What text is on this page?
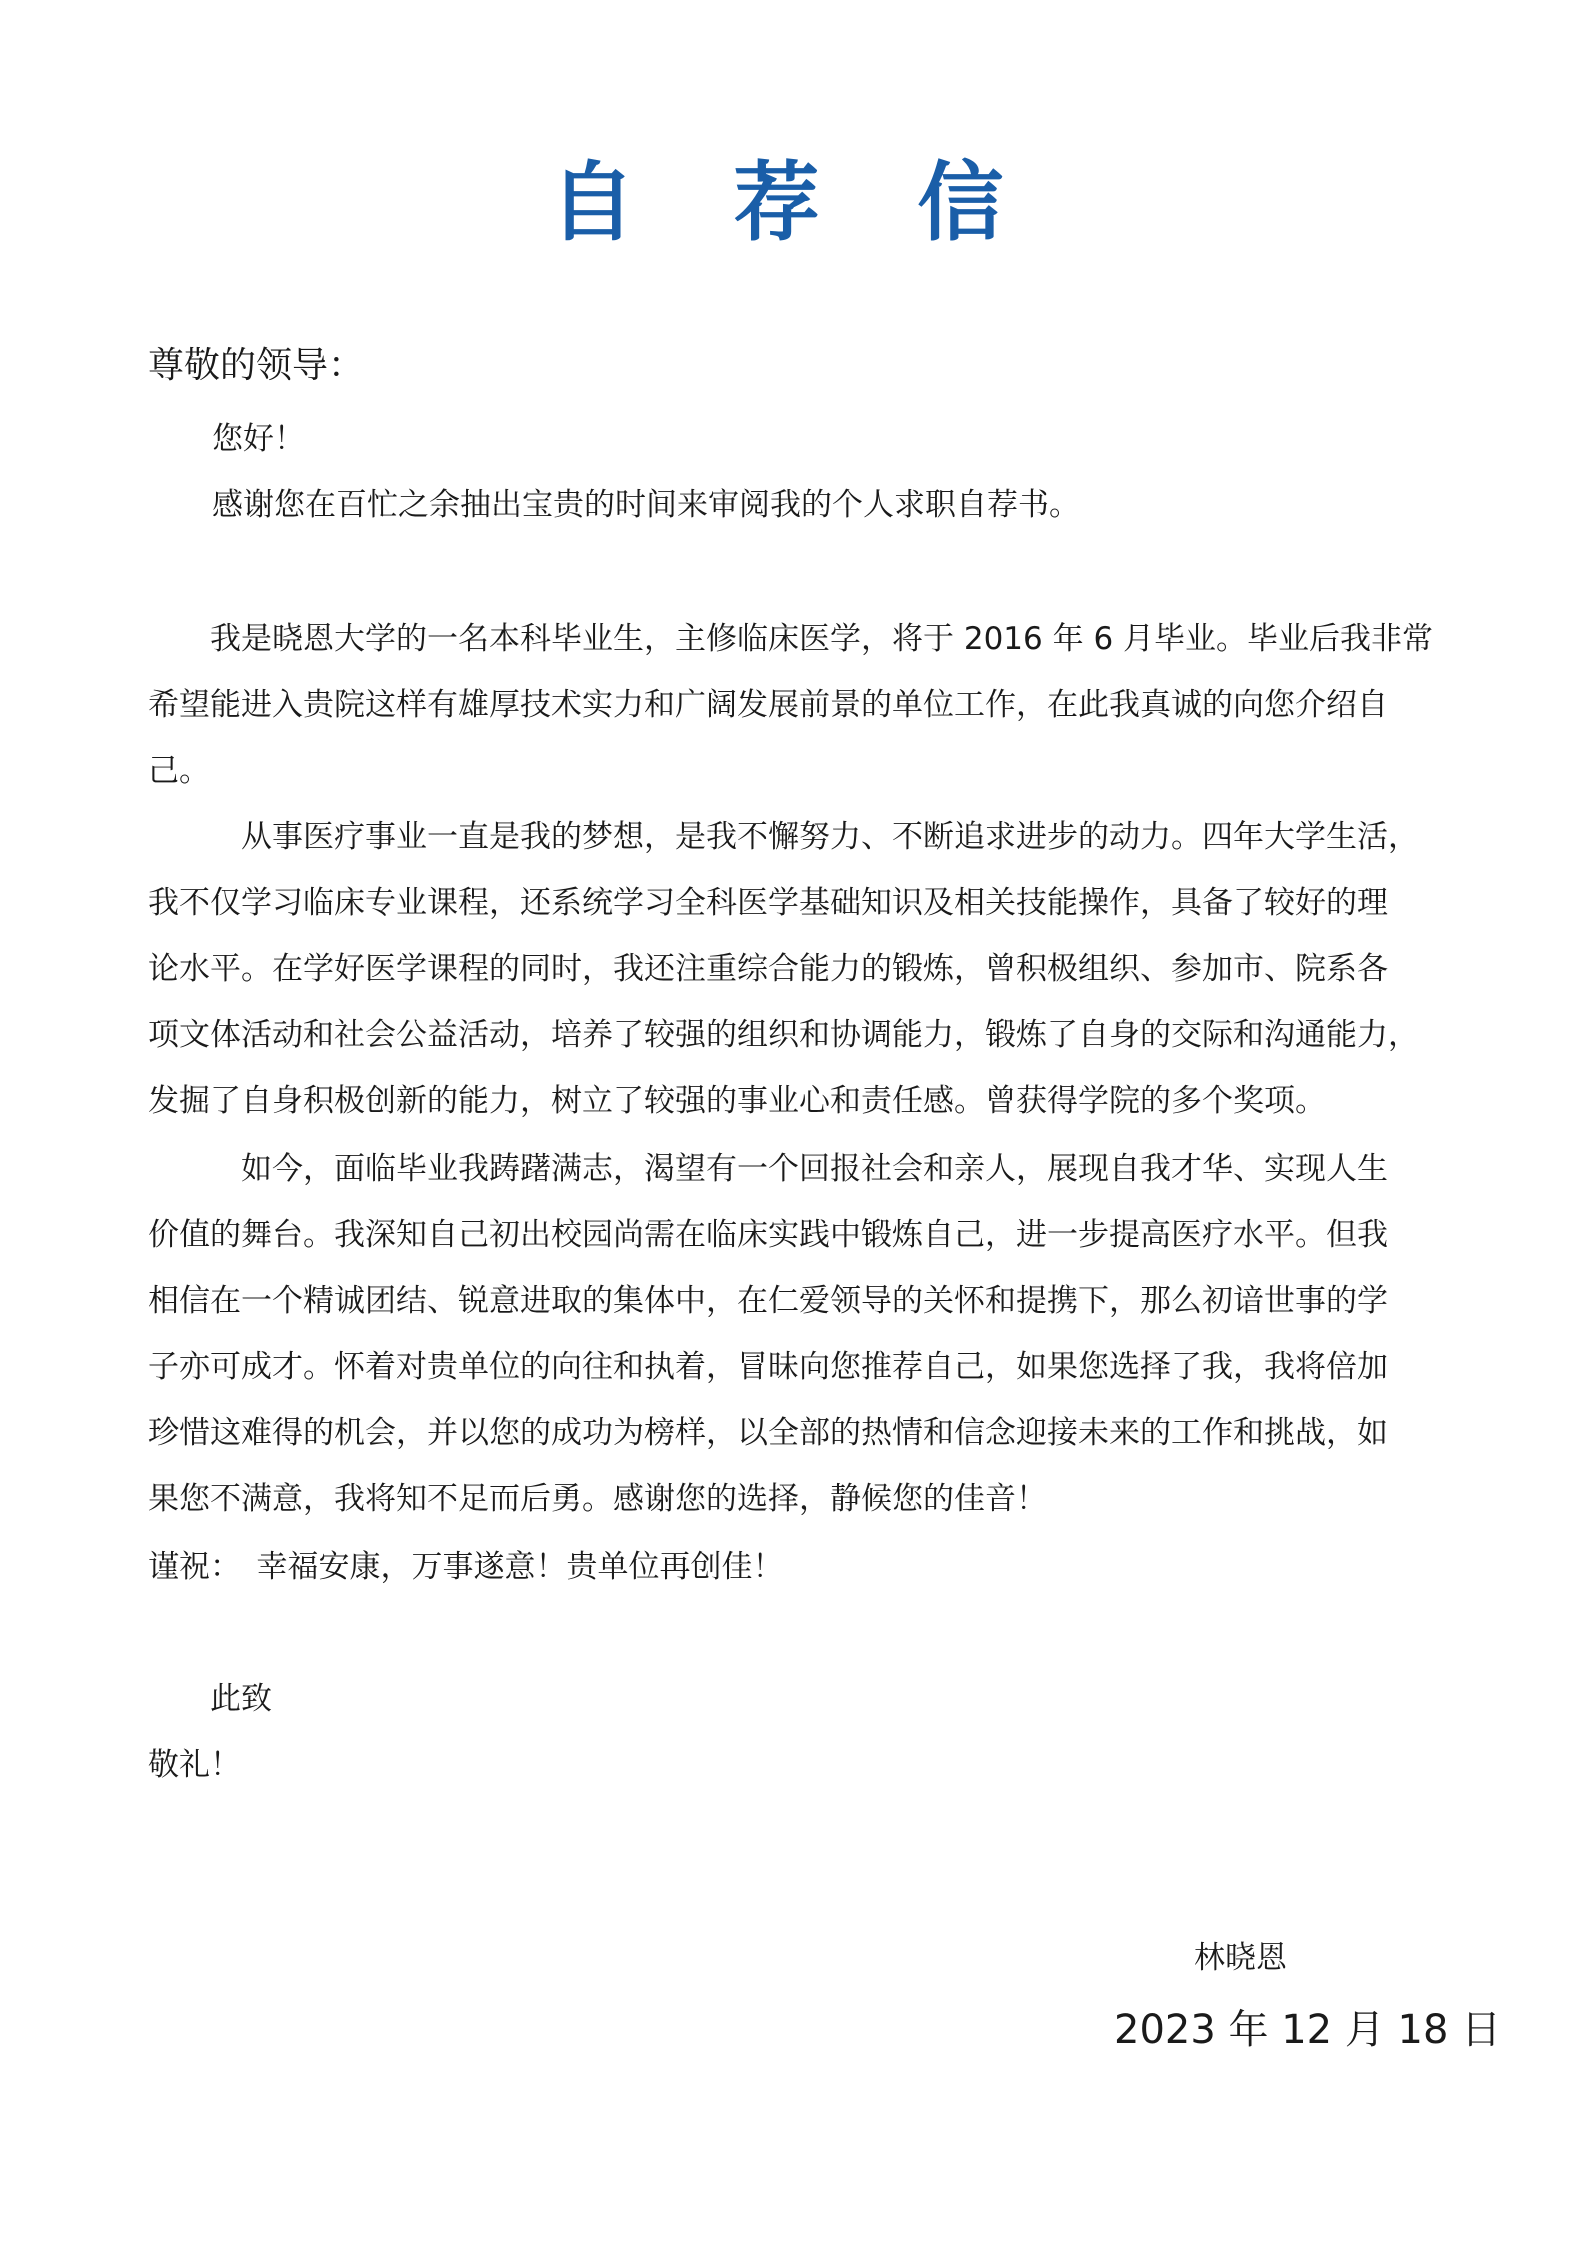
自 荐 信
尊敬的领导：
您好！
感谢您在百忙之余抽出宝贵的时间来审阅我的个人求职自荐书。
　　我是晓恩大学的一名本科毕业生，主修临床医学，将于 2016 年 6 月毕业。毕业后我非常
希望能进入贵院这样有雄厚技术实力和广阔发展前景的单位工作，在此我真诚的向您介绍自
己。
　　　从事医疗事业一直是我的梦想，是我不懈努力、不断追求进步的动力。四年大学生活，
我不仅学习临床专业课程，还系统学习全科医学基础知识及相关技能操作，具备了较好的理
论水平。在学好医学课程的同时，我还注重综合能力的锻炼，曾积极组织、参加市、院系各
项文体活动和社会公益活动，培养了较强的组织和协调能力，锻炼了自身的交际和沟通能力，
发掘了自身积极创新的能力，树立了较强的事业心和责任感。曾获得学院的多个奖项。
　　　如今，面临毕业我踌躇满志，渴望有一个回报社会和亲人，展现自我才华、实现人生
价值的舞台。我深知自己初出校园尚需在临床实践中锻炼自己，进一步提高医疗水平。但我
相信在一个精诚团结、锐意进取的集体中，在仁爱领导的关怀和提携下，那么初谙世事的学
子亦可成才。怀着对贵单位的向往和执着，冒昧向您推荐自己，如果您选择了我，我将倍加
珍惜这难得的机会，并以您的成功为榜样，以全部的热情和信念迎接未来的工作和挑战，如
果您不满意，我将知不足而后勇。感谢您的选择，静候您的佳音！
谨祝：　幸福安康，万事遂意！贵单位再创佳！
　　此致
敬礼！
林晓恩
2023 年 12 月 18 日
